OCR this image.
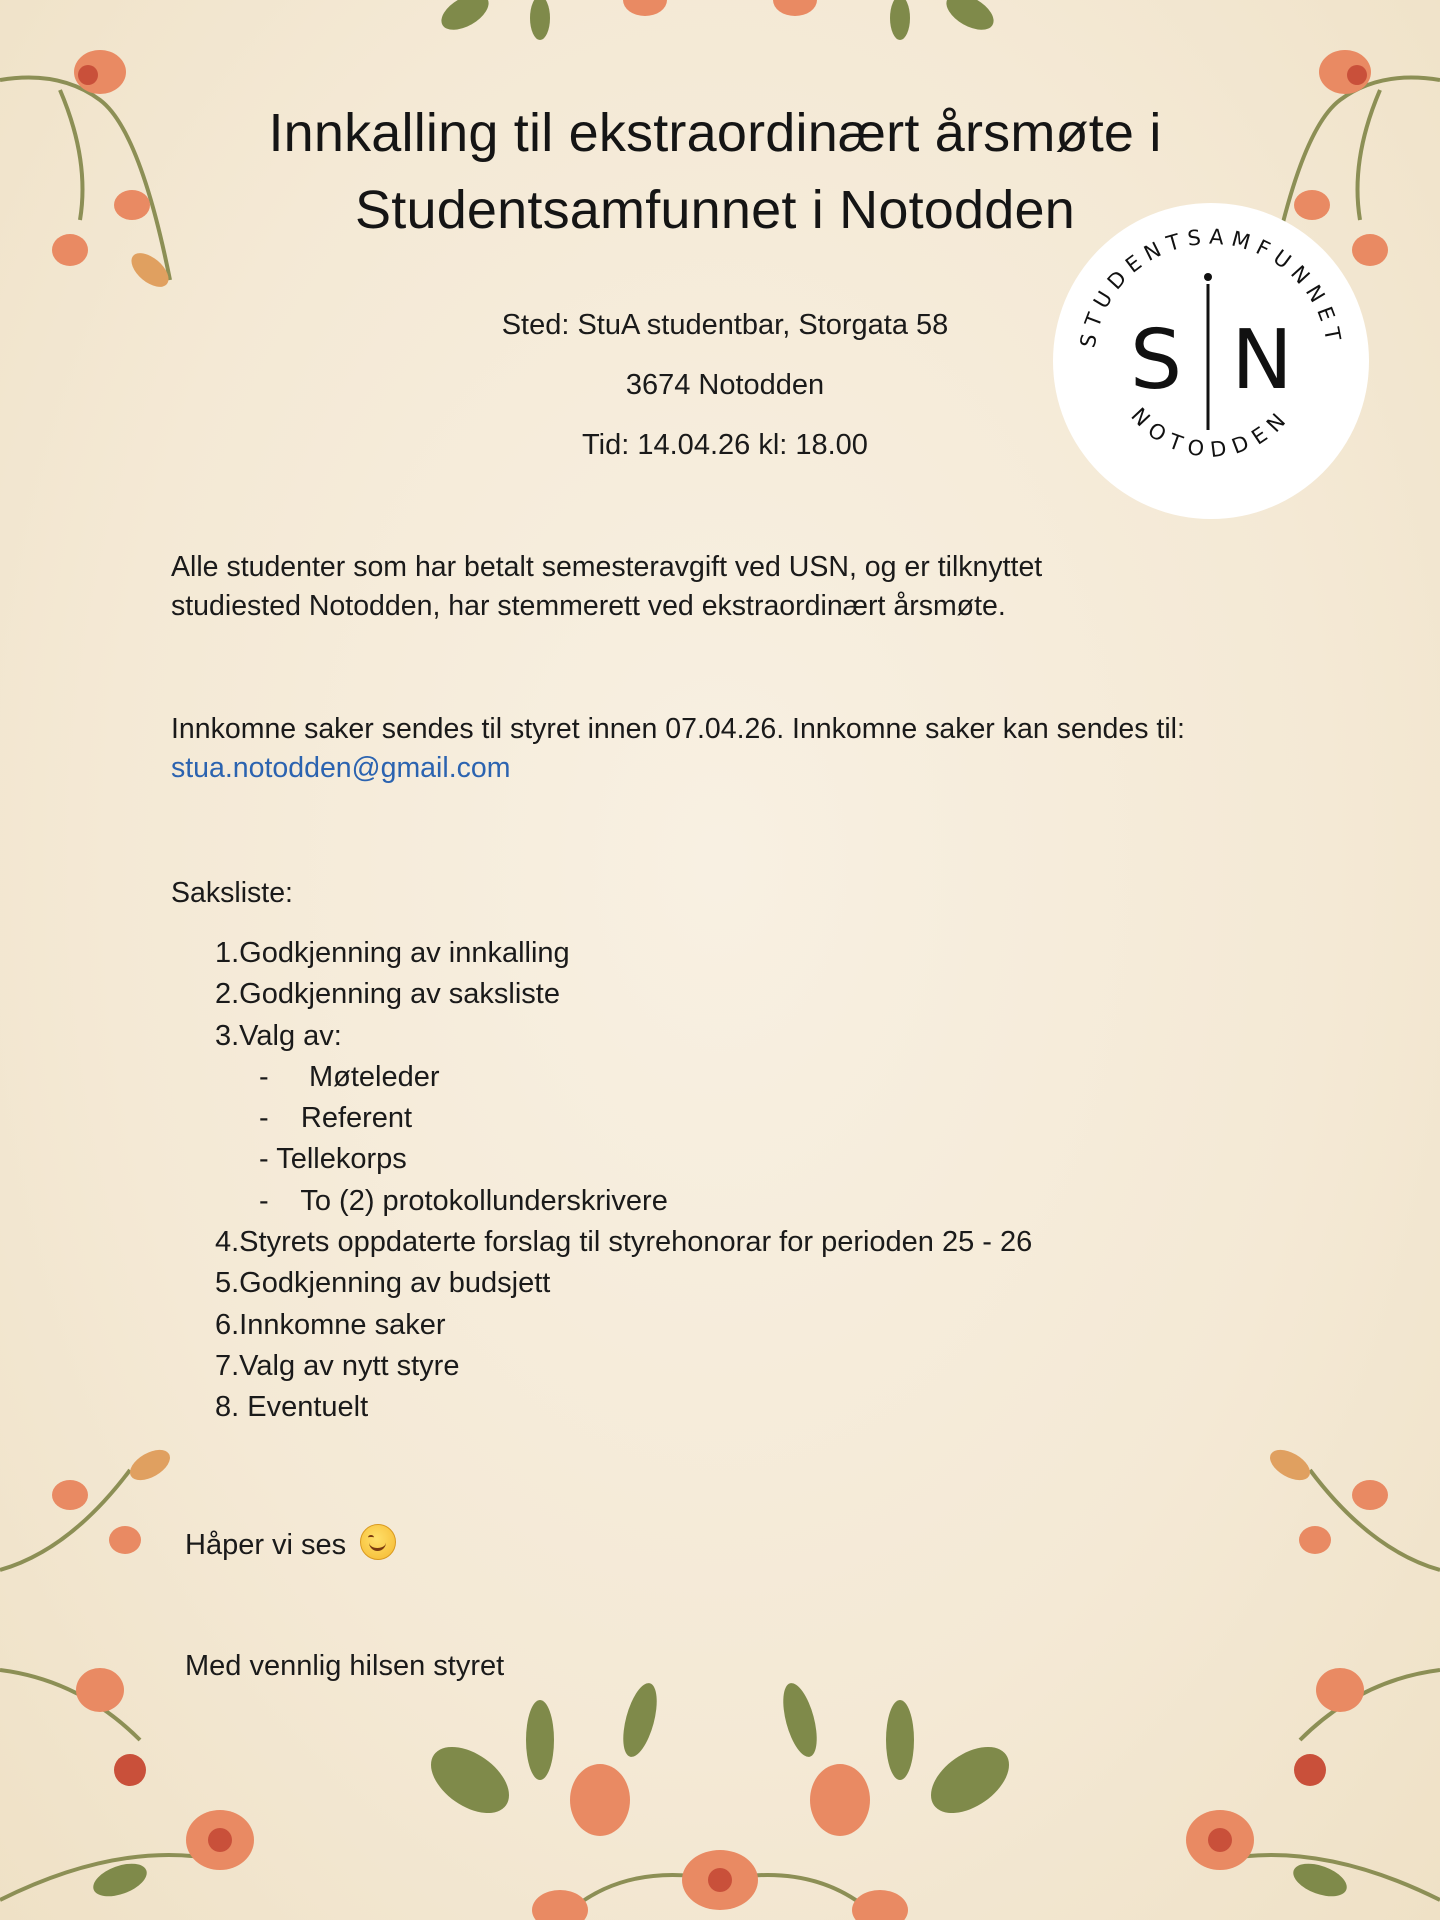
Innkalling til ekstraordinært årsmøte i
Studentsamfunnet i Notodden
STUDENTSAMFUNNET
NOTODDEN
S N
Sted: StuA studentbar, Storgata 58
3674 Notodden
Tid: 14.04.26 kl: 18.00
Alle studenter som har betalt semesteravgift ved USN, og er tilknyttet
studiested Notodden, har stemmerett ved ekstraordinært årsmøte.
Innkomne saker sendes til styret innen 07.04.26. Innkomne saker kan sendes til:
stua.notodden@gmail.com
Saksliste:
1.Godkjenning av innkalling
2.Godkjenning av saksliste
3.Valg av:
-     Møteleder
-    Referent
- Tellekorps
-    To (2) protokollunderskrivere
4.Styrets oppdaterte forslag til styrehonorar for perioden 25 - 26
5.Godkjenning av budsjett
6.Innkomne saker
7.Valg av nytt styre
8. Eventuelt
Håper vi ses
Med vennlig hilsen styret
